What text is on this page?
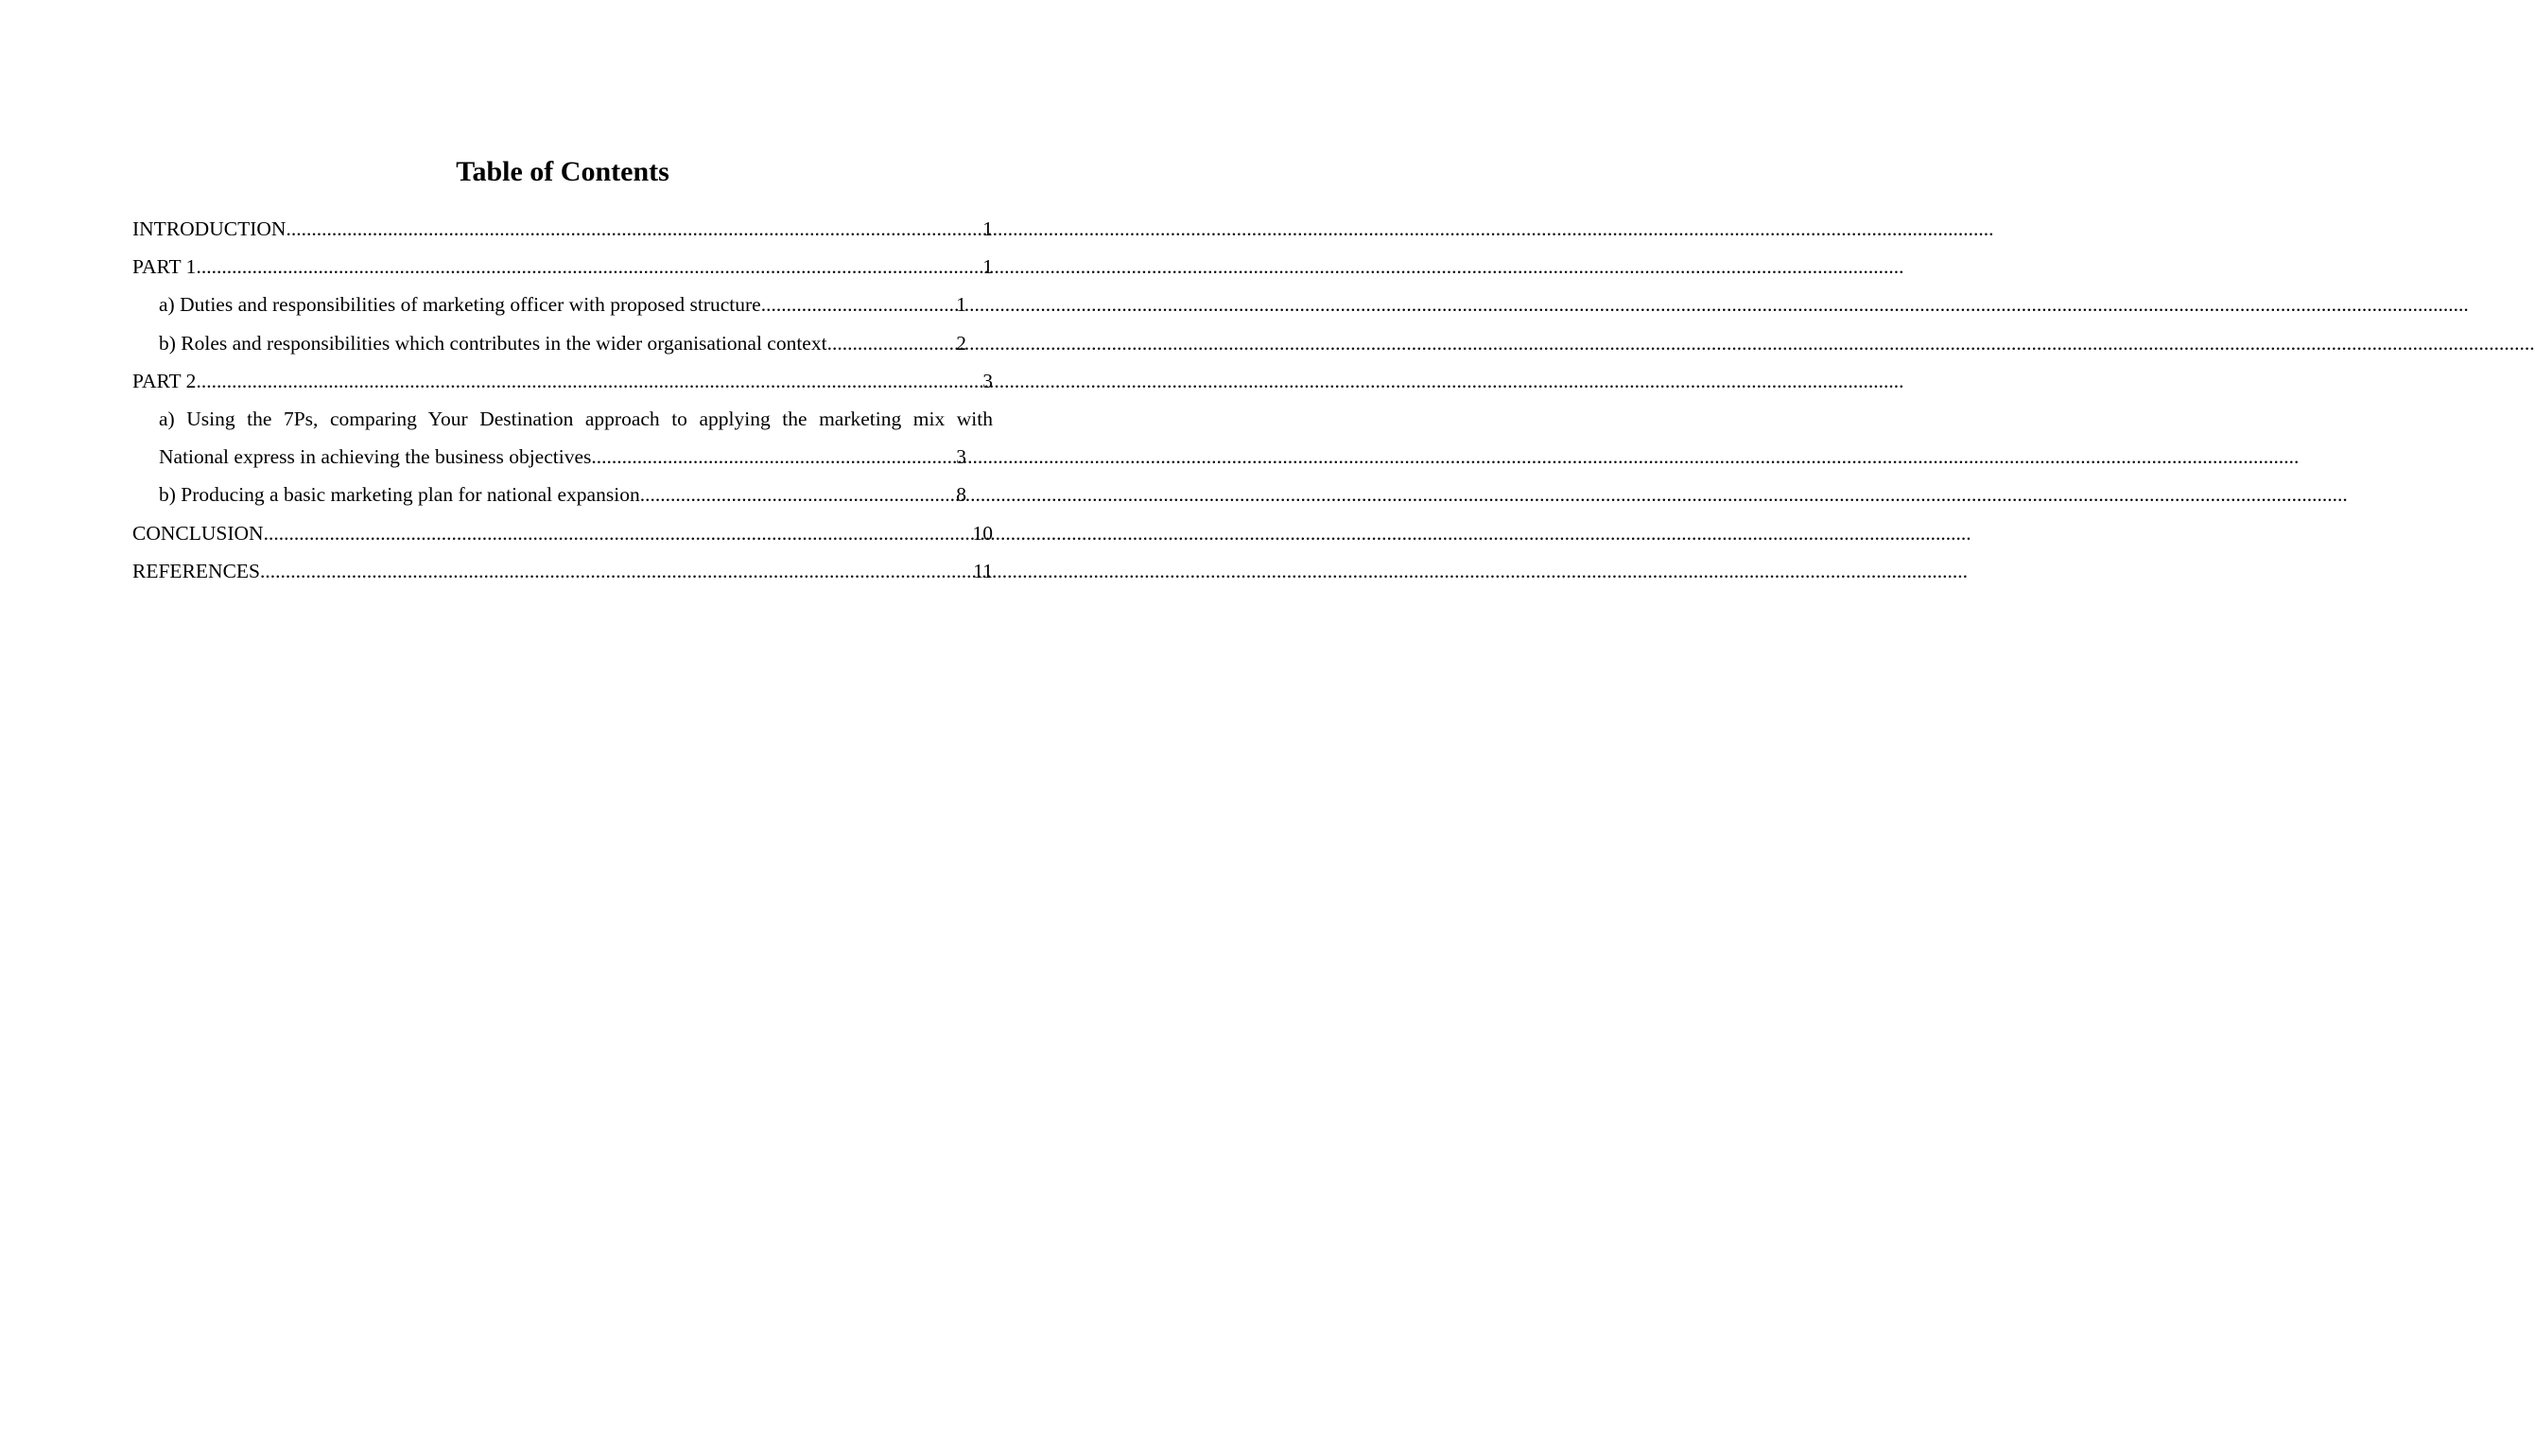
Table of Contents
INTRODUCTION .....	1
PART 1 .....	1
a) Duties and responsibilities of marketing officer with proposed structure .....	1
b) Roles and responsibilities which contributes in the wider organisational context .....	2
PART 2 .....	3
a) Using the 7Ps, comparing Your Destination approach to applying the marketing mix with
National express in achieving the business objectives .....	3
b) Producing a basic marketing plan for national expansion .....	8
CONCLUSION .....	10
REFERENCES .....	11
